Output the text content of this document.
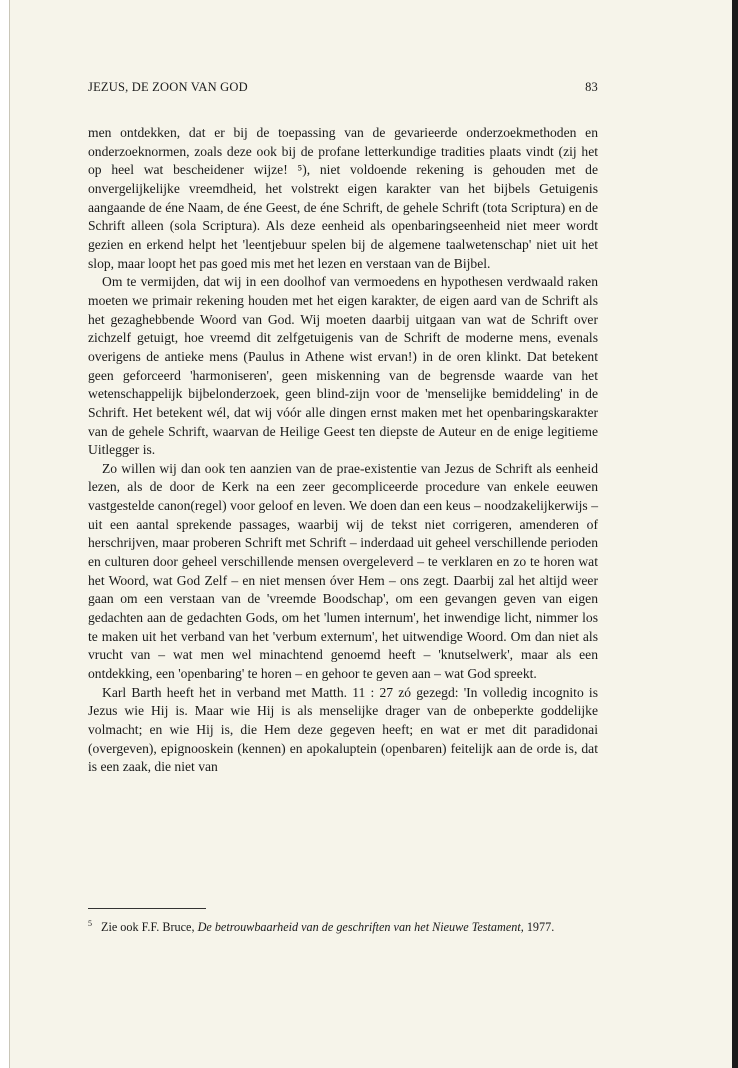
JEZUS, DE ZOON VAN GOD	83

men ontdekken, dat er bij de toepassing van de gevarieerde onderzoekmethoden en onderzoeknormen, zoals deze ook bij de profane letterkundige tradities plaats vindt (zij het op heel wat bescheidener wijze! ⁵), niet voldoende rekening is gehouden met de onvergelijkelijke vreemdheid, het volstrekt eigen karakter van het bijbels Getuigenis aangaande de éne Naam, de éne Geest, de éne Schrift, de gehele Schrift (tota Scriptura) en de Schrift alleen (sola Scriptura). Als deze eenheid als openbaringseenheid niet meer wordt gezien en erkend helpt het 'leentjebuur spelen bij de algemene taalwetenschap' niet uit het slop, maar loopt het pas goed mis met het lezen en verstaan van de Bijbel.

Om te vermijden, dat wij in een doolhof van vermoedens en hypothesen verdwaald raken moeten we primair rekening houden met het eigen karakter, de eigen aard van de Schrift als het gezaghebbende Woord van God. Wij moeten daarbij uitgaan van wat de Schrift over zichzelf getuigt, hoe vreemd dit zelfgetuigenis van de Schrift de moderne mens, evenals overigens de antieke mens (Paulus in Athene wist ervan!) in de oren klinkt. Dat betekent geen geforceerd 'harmoniseren', geen miskenning van de begrensde waarde van het wetenschappelijk bijbelonderzoek, geen blind-zijn voor de 'menselijke bemiddeling' in de Schrift. Het betekent wél, dat wij vóór alle dingen ernst maken met het openbaringskarakter van de gehele Schrift, waarvan de Heilige Geest ten diepste de Auteur en de enige legitieme Uitlegger is.

Zo willen wij dan ook ten aanzien van de prae-existentie van Jezus de Schrift als eenheid lezen, als de door de Kerk na een zeer gecompliceerde procedure van enkele eeuwen vastgestelde canon(regel) voor geloof en leven. We doen dan een keus – noodzakelijkerwijs – uit een aantal sprekende passages, waarbij wij de tekst niet corrigeren, amenderen of herschrijven, maar proberen Schrift met Schrift – inderdaad uit geheel verschillende perioden en culturen door geheel verschillende mensen overgeleverd – te verklaren en zo te horen wat het Woord, wat God Zelf – en niet mensen óver Hem – ons zegt. Daarbij zal het altijd weer gaan om een verstaan van de 'vreemde Boodschap', om een gevangen geven van eigen gedachten aan de gedachten Gods, om het 'lumen internum', het inwendige licht, nimmer los te maken uit het verband van het 'verbum externum', het uitwendige Woord. Om dan niet als vrucht van – wat men wel minachtend genoemd heeft – 'knutselwerk', maar als een ontdekking, een 'openbaring' te horen – en gehoor te geven aan – wat God spreekt.

Karl Barth heeft het in verband met Matth. 11 : 27 zó gezegd: 'In volledig incognito is Jezus wie Hij is. Maar wie Hij is als menselijke drager van de onbeperkte goddelijke volmacht; en wie Hij is, die Hem deze gegeven heeft; en wat er met dit paradidonai (overgeven), epignooskein (kennen) en apokaluptein (openbaren) feitelijk aan de orde is, dat is een zaak, die niet van

$^5$ Zie ook F.F. Bruce, De betrouwbaarheid van de geschriften van het Nieuwe Testament, 1977.
